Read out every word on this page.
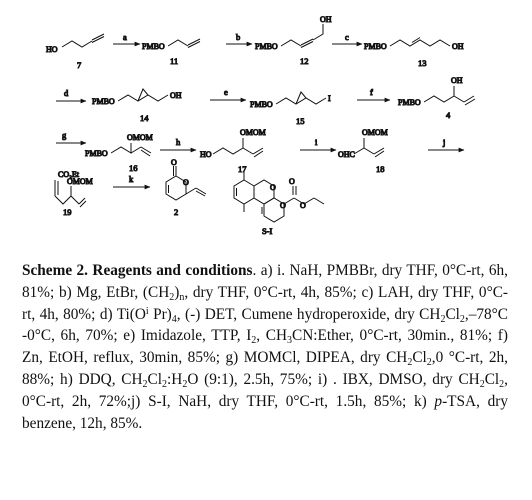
HO
7
a
PMBO
11
b
PMBO
OH
12
c
PMBO	OH
13
d
PMBO
OH
14
e
PMBO
I
15
f
PMBO
OH
4
g
PMBO
OMOM
16
h
HO
OMOM
17
i
OHC
OMOM
18
j
CO₂Et
OMOM
19
k	O
O
2
O
O
O
O
S-I
Scheme 2. Reagents and conditions. a) i. NaH, PMBBr, dry THF, 0°C-rt, 6h, 81%; b) Mg, EtBr, $(CH_2)_n$, dry THF, 0°C-rt, 4h, 85%; c) LAH, dry THF, 0°C-rt, 4h, 80%; d) $Ti(O^i$ $Pr)_4$, (-) DET, Cumene hydroperoxide, dry $CH_2Cl_2,-78^\circ C$ -0°C, 6h, 70%; e) Imidazole, TTP, $I_2$, $CH_3CN:Ether$, 0°C-rt, 30min., 81%; f) Zn, EtOH, reflux, 30min, 85%; g) MOMCl, DIPEA, dry $CH_2Cl_2,0$ °C-rt, 2h, 88%; h) DDQ, $CH_2Cl_2:H_2O$ (9:1), 2.5h, 75%; i) . IBX, DMSO, dry $CH_2Cl_2$, 0°C-rt, 2h, 72%;j) S-I, NaH, dry THF, 0°C-rt, 1.5h, 85%; k) p-TSA, dry benzene, 12h, 85%.
